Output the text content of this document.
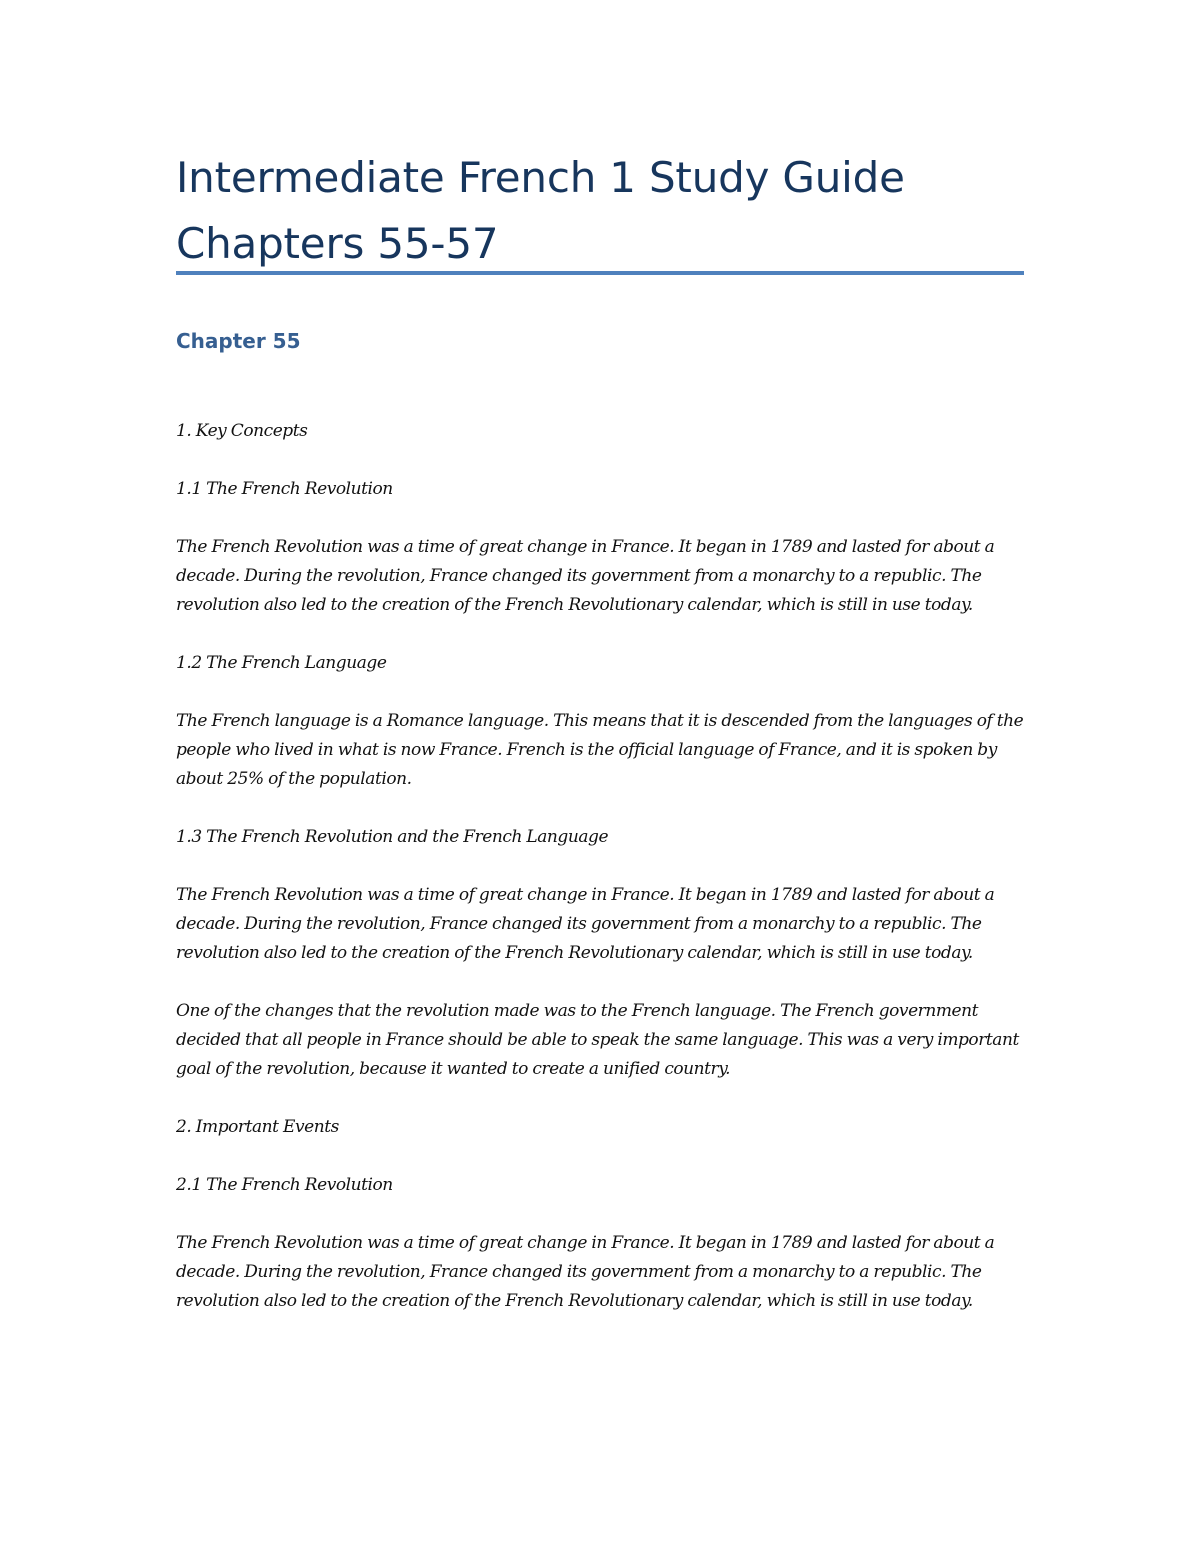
Intermediate French 1 Study Guide
Chapters 55-57
Chapter 55

1. Key Concepts

1.1 The French Revolution

The French Revolution was a time of great change in France. It began in 1789 and lasted for about a decade. During the revolution, France changed its government from a monarchy to a republic. The revolution also led to the creation of the French Revolutionary calendar, which is still in use today.

1.2 The French Language

The French language is a Romance language. This means that it is descended from the languages of the people who lived in what is now France. French is the official language of France, and it is spoken by about 25% of the population.

1.3 The French Revolution and the French Language

The French Revolution was a time of great change in France. It began in 1789 and lasted for about a decade. During the revolution, France changed its government from a monarchy to a republic. The revolution also led to the creation of the French Revolutionary calendar, which is still in use today.

One of the changes that the revolution made was to the French language. The French government decided that all people in France should be able to speak the same language. This was a very important goal of the revolution, because it wanted to create a unified country.

2. Important Events

2.1 The French Revolution

The French Revolution was a time of great change in France. It began in 1789 and lasted for about a decade. During the revolution, France changed its government from a monarchy to a republic. The revolution also led to the creation of the French Revolutionary calendar, which is still in use today.
